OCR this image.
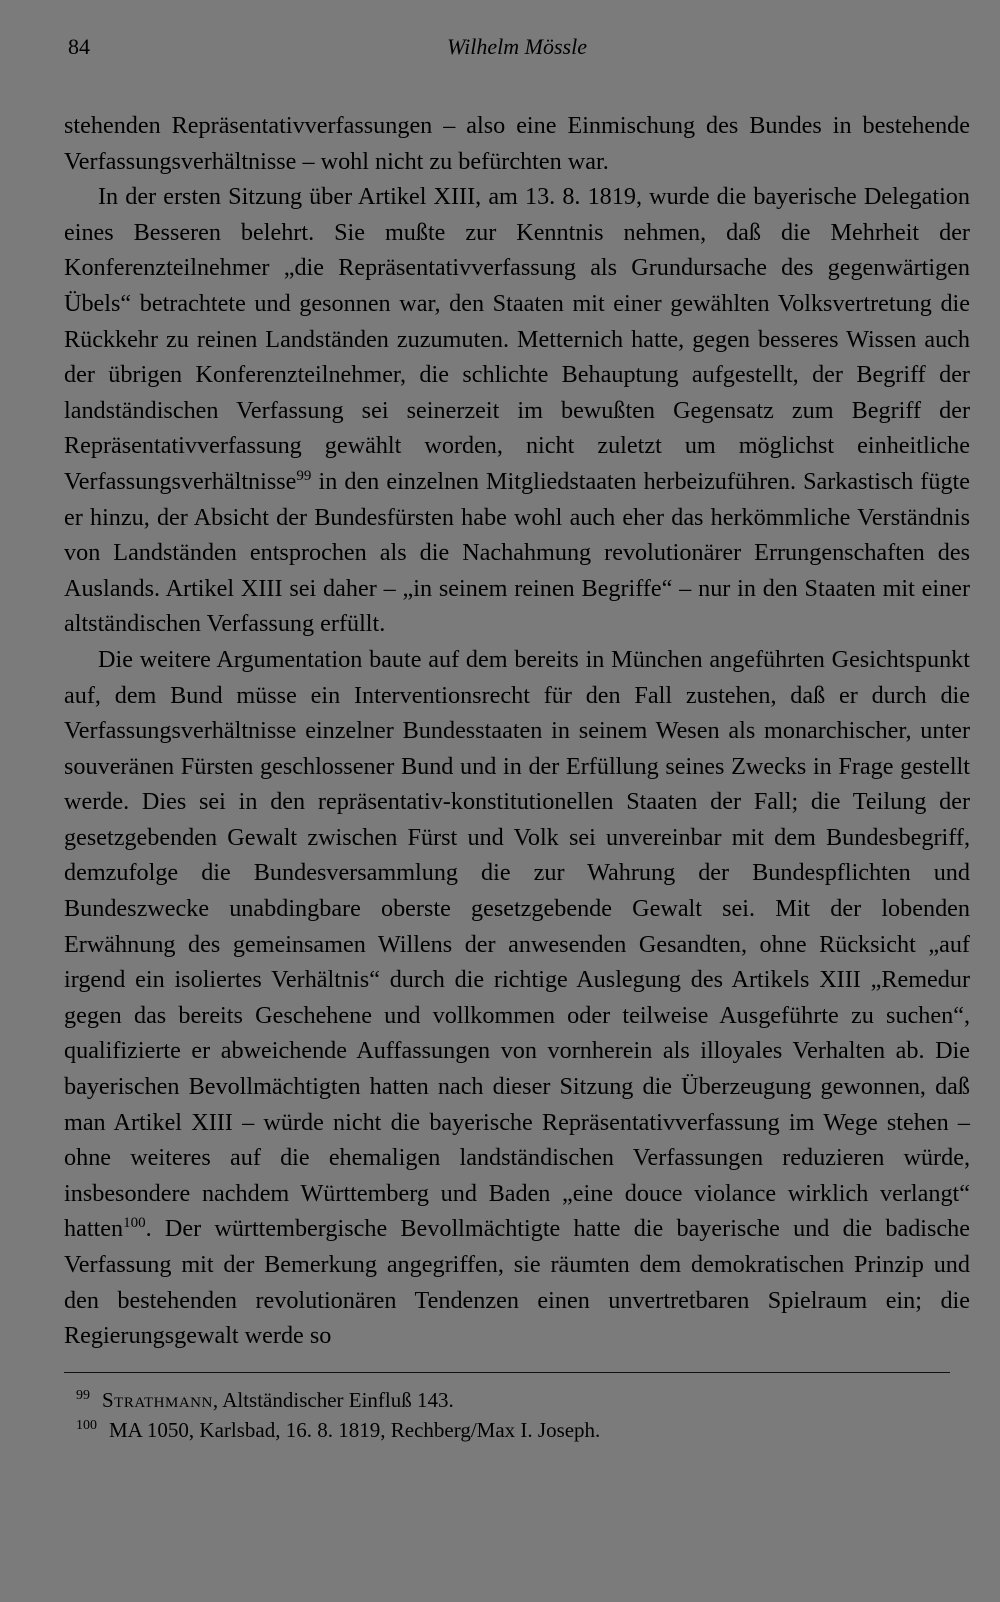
84	Wilhelm Mössle

stehenden Repräsentativverfassungen – also eine Einmischung des Bundes in bestehende Verfassungsverhältnisse – wohl nicht zu befürchten war.

In der ersten Sitzung über Artikel XIII, am 13. 8. 1819, wurde die bayerische Delegation eines Besseren belehrt. Sie mußte zur Kenntnis nehmen, daß die Mehrheit der Konferenzteilnehmer „die Repräsentativverfassung als Grundursache des gegenwärtigen Übels“ betrachtete und gesonnen war, den Staaten mit einer gewählten Volksvertretung die Rückkehr zu reinen Landständen zuzumuten. Metternich hatte, gegen besseres Wissen auch der übrigen Konferenzteilnehmer, die schlichte Behauptung aufgestellt, der Begriff der landständischen Verfassung sei seinerzeit im bewußten Gegensatz zum Begriff der Repräsentativverfassung gewählt worden, nicht zuletzt um möglichst einheitliche Verfassungsverhältnisse$^{99}$ in den einzelnen Mitgliedstaaten herbeizuführen. Sarkastisch fügte er hinzu, der Absicht der Bundesfürsten habe wohl auch eher das herkömmliche Verständnis von Landständen entsprochen als die Nachahmung revolutionärer Errungenschaften des Auslands. Artikel XIII sei daher – „in seinem reinen Begriffe“ – nur in den Staaten mit einer altständischen Verfassung erfüllt.

Die weitere Argumentation baute auf dem bereits in München angeführten Gesichtspunkt auf, dem Bund müsse ein Interventionsrecht für den Fall zustehen, daß er durch die Verfassungsverhältnisse einzelner Bundesstaaten in seinem Wesen als monarchischer, unter souveränen Fürsten geschlossener Bund und in der Erfüllung seines Zwecks in Frage gestellt werde. Dies sei in den repräsentativ-konstitutionellen Staaten der Fall; die Teilung der gesetzgebenden Gewalt zwischen Fürst und Volk sei unvereinbar mit dem Bundesbegriff, demzufolge die Bundesversammlung die zur Wahrung der Bundespflichten und Bundeszwecke unabdingbare oberste gesetzgebende Gewalt sei. Mit der lobenden Erwähnung des gemeinsamen Willens der anwesenden Gesandten, ohne Rücksicht „auf irgend ein isoliertes Verhältnis“ durch die richtige Auslegung des Artikels XIII „Remedur gegen das bereits Geschehene und vollkommen oder teilweise Ausgeführte zu suchen“, qualifizierte er abweichende Auffassungen von vornherein als illoyales Verhalten ab. Die bayerischen Bevollmächtigten hatten nach dieser Sitzung die Überzeugung gewonnen, daß man Artikel XIII – würde nicht die bayerische Repräsentativverfassung im Wege stehen – ohne weiteres auf die ehemaligen landständischen Verfassungen reduzieren würde, insbesondere nachdem Württemberg und Baden „eine douce violance wirklich verlangt“ hatten$^{100}$. Der württembergische Bevollmächtigte hatte die bayerische und die badische Verfassung mit der Bemerkung angegriffen, sie räumten dem demokratischen Prinzip und den bestehenden revolutionären Tendenzen einen unvertretbaren Spielraum ein; die Regierungsgewalt werde so

$^{99}$ Strathmann, Altständischer Einfluß 143.

$^{100}$ MA 1050, Karlsbad, 16. 8. 1819, Rechberg/Max I. Joseph.
